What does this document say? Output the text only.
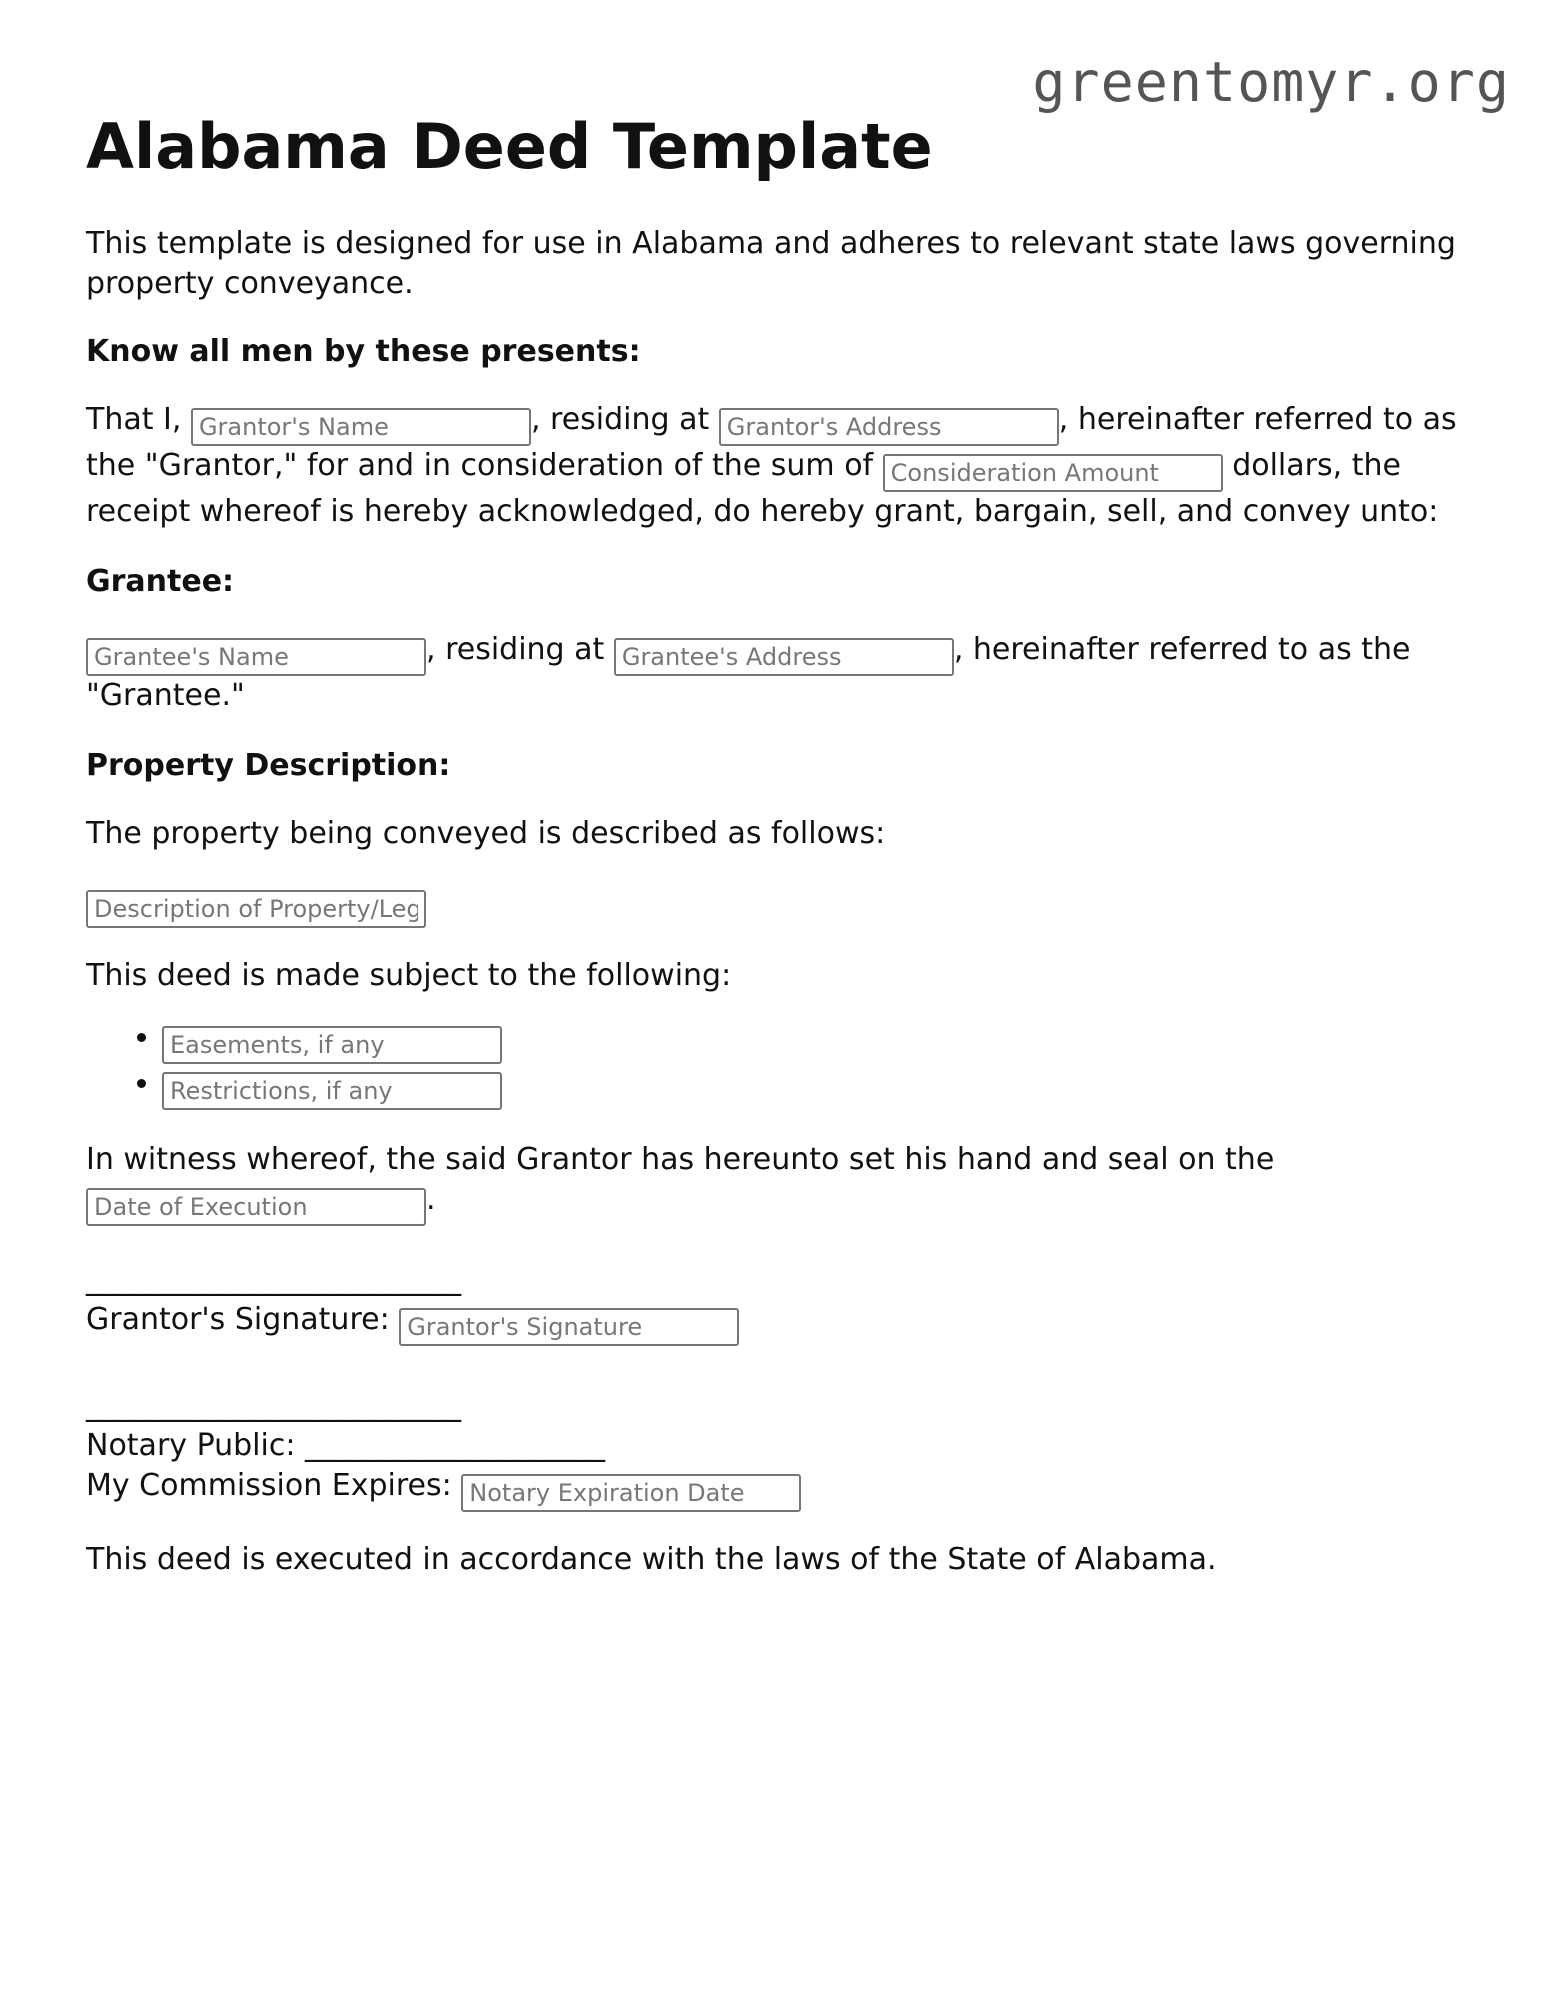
greentomyr.org
Alabama Deed Template

This template is designed for use in Alabama and adheres to relevant state laws governing property conveyance.

Know all men by these presents:

That I, Grantor's Name	, residing at Grantor's Address	, hereinafter referred to as the "Grantor," for and in consideration of the sum of Consideration Amount	dollars, the receipt whereof is hereby acknowledged, do hereby grant, bargain, sell, and convey unto:

Grantee:

Grantee's Name, residing at Grantee's Address	, hereinafter referred to as the "Grantee."

Property Description:

The property being conveyed is described as follows:

Description of Property/Legal Description

This deed is made subject to the following:

• Easements, if any
• Restrictions, if any

In witness whereof, the said Grantor has hereunto set his hand and seal on the
Date of Execution.

_________________________

Grantor's Signature: Grantor's Signature

_________________________

Notary Public: ____________________

My Commission Expires: Notary Expiration Date

This deed is executed in accordance with the laws of the State of Alabama.
